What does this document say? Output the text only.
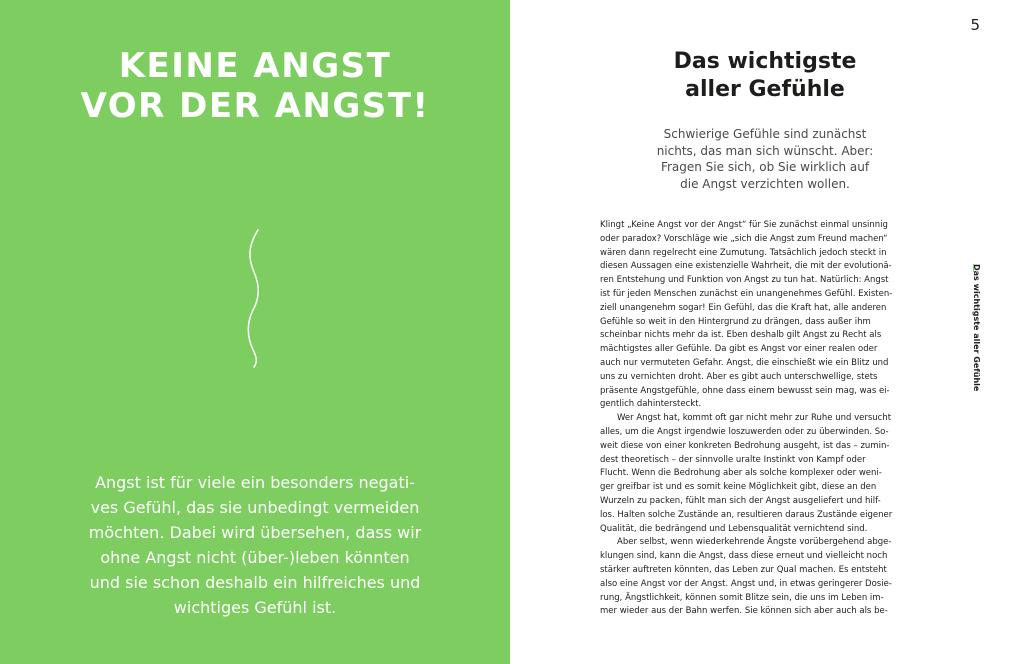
KEINE ANGST
VOR DER ANGST!

Angst ist für viele ein besonders negati-

ves Gefühl, das sie unbedingt vermeiden

möchten. Dabei wird übersehen, dass wir

ohne Angst nicht (über-)leben könnten

und sie schon deshalb ein hilfreiches und

wichtiges Gefühl ist.

5

Das wichtigste
aller Gefühle

Schwierige Gefühle sind zunächst

nichts, das man sich wünscht. Aber:

Fragen Sie sich, ob Sie wirklich auf

die Angst verzichten wollen.

Klingt „Keine Angst vor der Angst“ für Sie zunächst einmal unsinnig

oder paradox? Vorschläge wie „sich die Angst zum Freund machen“

wären dann regelrecht eine Zumutung. Tatsächlich jedoch steckt in

diesen Aussagen eine existenzielle Wahrheit, die mit der evolutionä-

ren Entstehung und Funktion von Angst zu tun hat. Natürlich: Angst

ist für jeden Menschen zunächst ein unangenehmes Gefühl. Existen-

ziell unangenehm sogar! Ein Gefühl, das die Kraft hat, alle anderen

Gefühle so weit in den Hintergrund zu drängen, dass außer ihm

scheinbar nichts mehr da ist. Eben deshalb gilt Angst zu Recht als

mächtigstes aller Gefühle. Da gibt es Angst vor einer realen oder

auch nur vermuteten Gefahr. Angst, die einschießt wie ein Blitz und

uns zu vernichten droht. Aber es gibt auch unterschwellige, stets

präsente Angstgefühle, ohne dass einem bewusst sein mag, was ei-

gentlich dahintersteckt.

Wer Angst hat, kommt oft gar nicht mehr zur Ruhe und versucht

alles, um die Angst irgendwie loszuwerden oder zu überwinden. So-

weit diese von einer konkreten Bedrohung ausgeht, ist das – zumin-

dest theoretisch – der sinnvolle uralte Instinkt von Kampf oder

Flucht. Wenn die Bedrohung aber als solche komplexer oder weni-

ger greifbar ist und es somit keine Möglichkeit gibt, diese an den

Wurzeln zu packen, fühlt man sich der Angst ausgeliefert und hilf-

los. Halten solche Zustände an, resultieren daraus Zustände eigener

Qualität, die bedrängend und Lebensqualität vernichtend sind.

Aber selbst, wenn wiederkehrende Ängste vorübergehend abge-

klungen sind, kann die Angst, dass diese erneut und vielleicht noch

stärker auftreten könnten, das Leben zur Qual machen. Es entsteht

also eine Angst vor der Angst. Angst und, in etwas geringerer Dosie-

rung, Ängstlichkeit, können somit Blitze sein, die uns im Leben im-

mer wieder aus der Bahn werfen. Sie können sich aber auch als be-

Das wichtigste aller Gefühle
